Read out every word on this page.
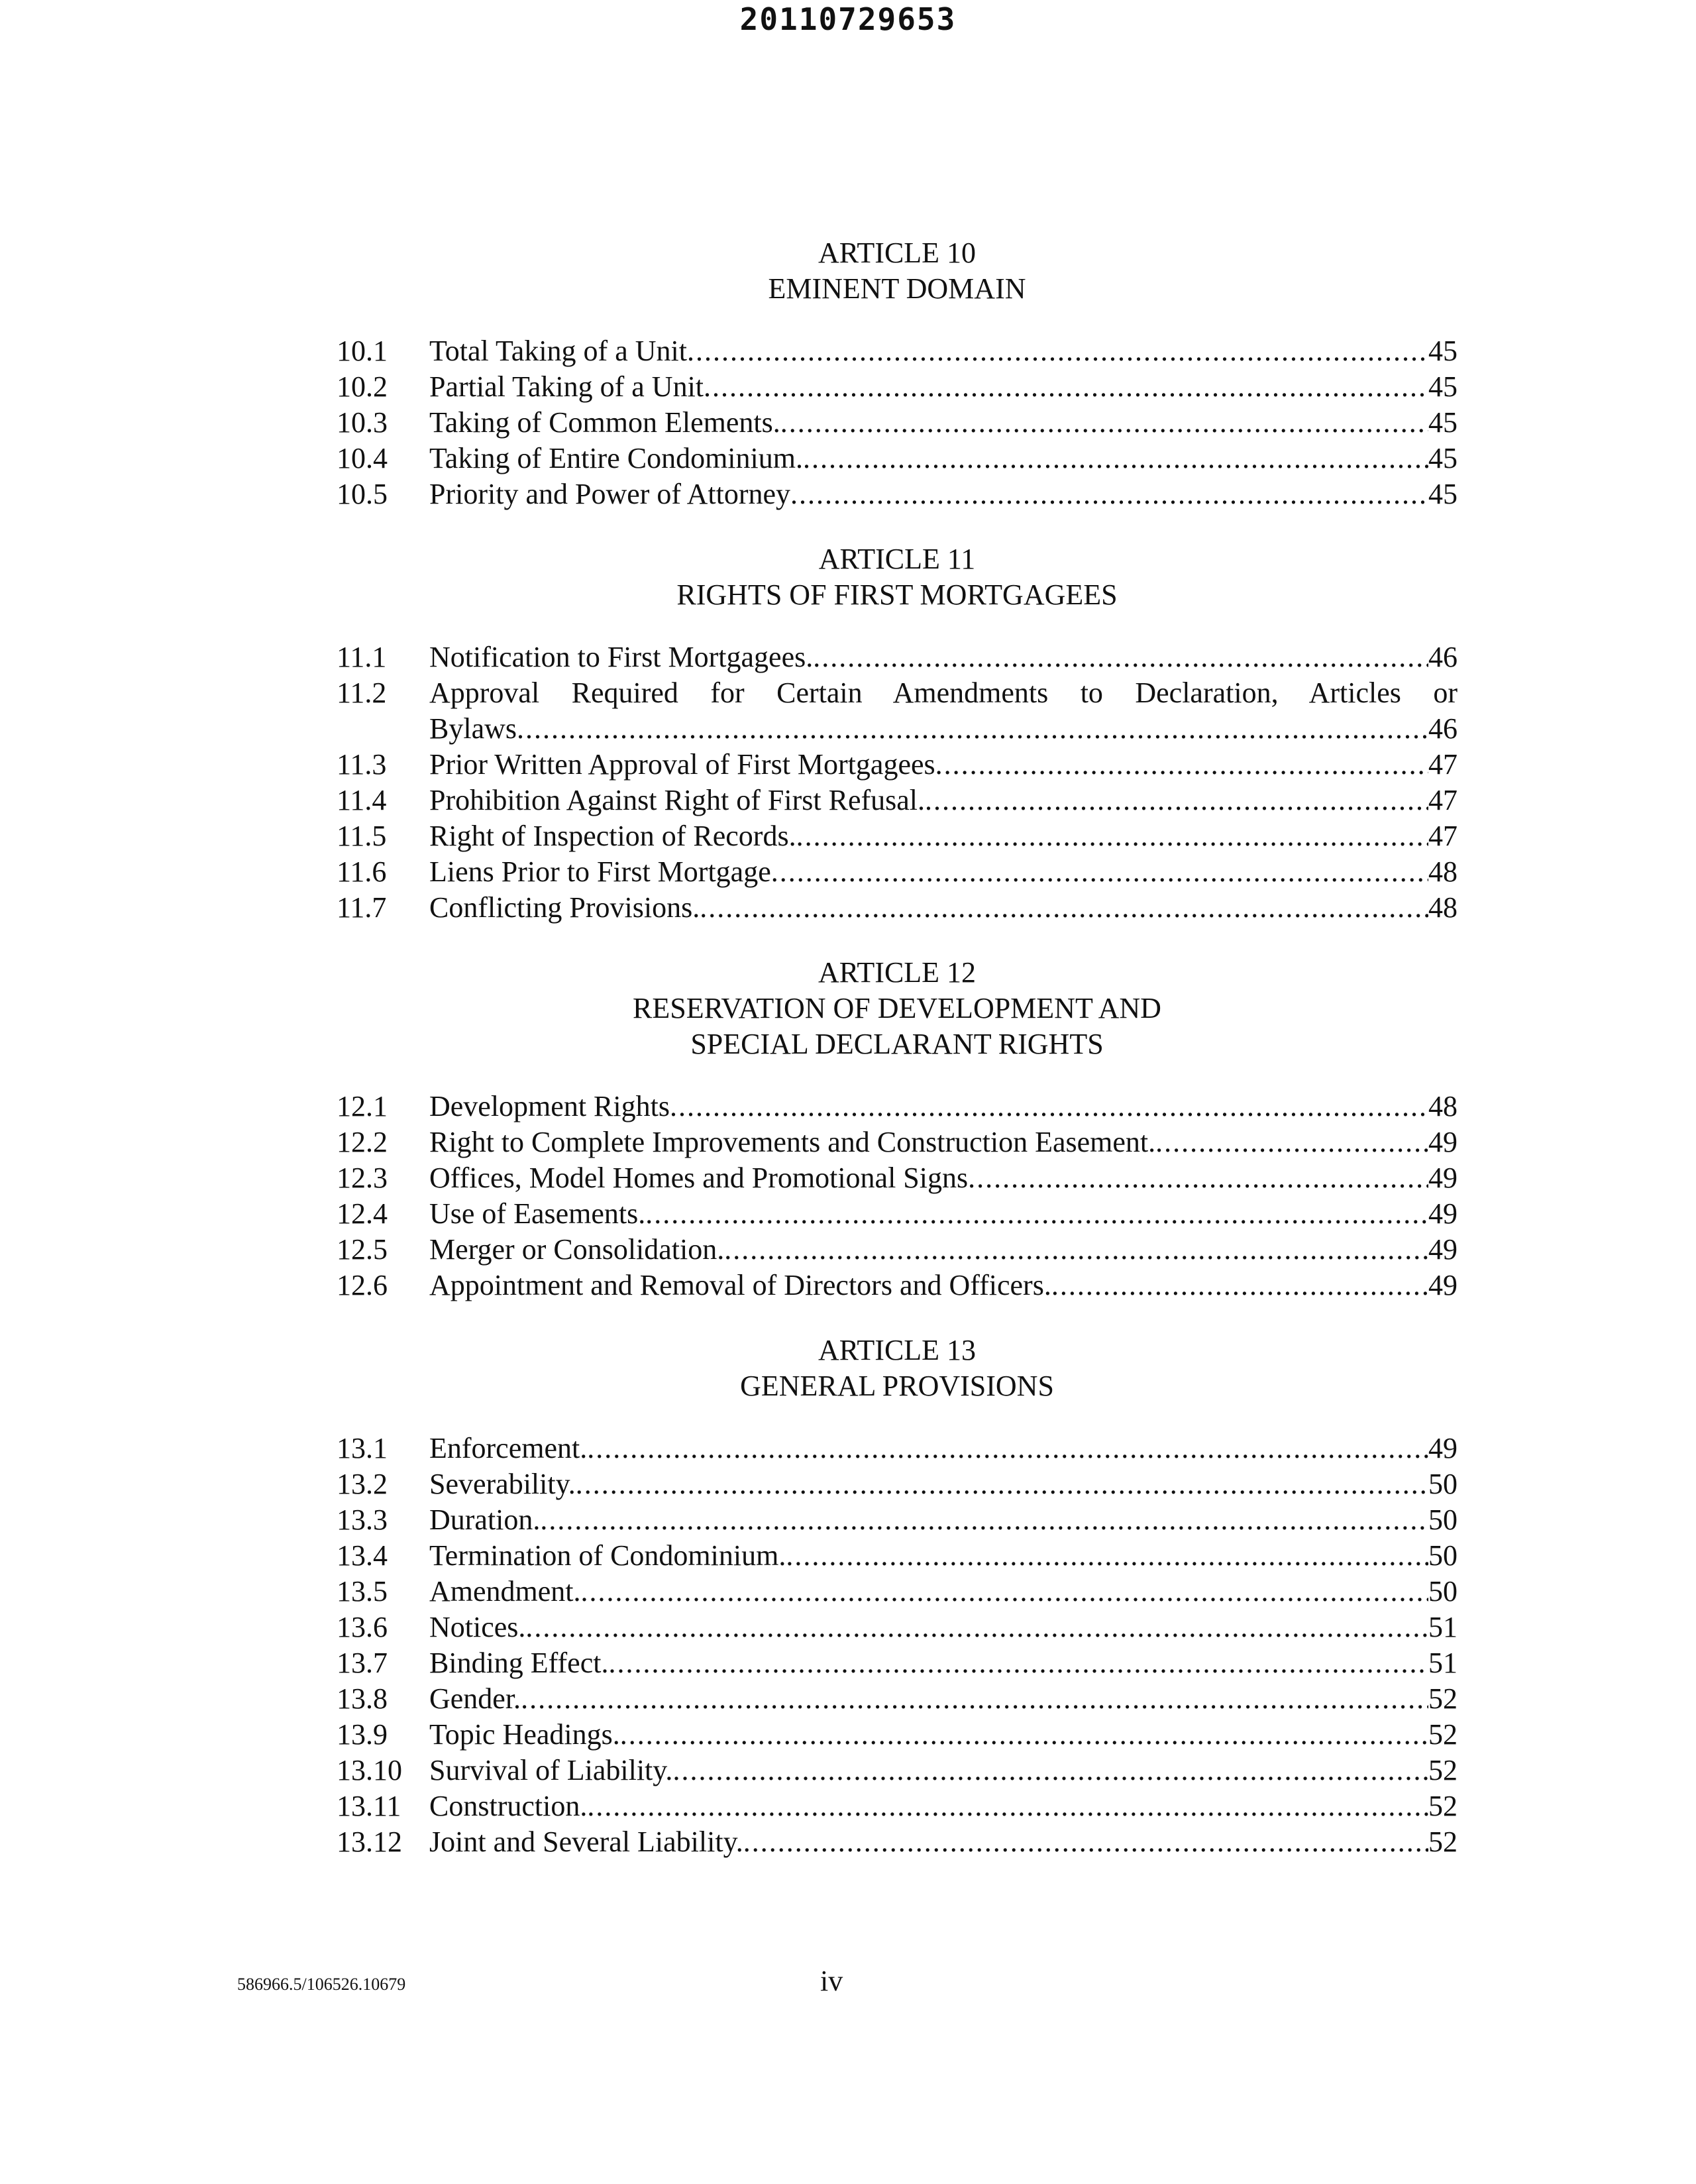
20110729653
ARTICLE 10
EMINENT DOMAIN
10.1	Total Taking of a Unit .....	45
10.2	Partial Taking of a Unit .....	45
10.3	Taking of Common Elements. .....	45
10.4	Taking of Entire Condominium. .....	45
10.5	Priority and Power of Attorney .....	45
ARTICLE 11
RIGHTS OF FIRST MORTGAGEES
11.1	Notification to First Mortgagees. .....	46
11.2	Approval Required for Certain Amendments to Declaration, Articles or
Bylaws .....	46
11.3	Prior Written Approval of First Mortgagees .....	47
11.4	Prohibition Against Right of First Refusal. .....	47
11.5	Right of Inspection of Records. .....	47
11.6	Liens Prior to First Mortgage .....	48
11.7	Conflicting Provisions. .....	48
ARTICLE 12
RESERVATION OF DEVELOPMENT AND
SPECIAL DECLARANT RIGHTS
12.1	Development Rights .....	48
12.2	Right to Complete Improvements and Construction Easement. .....	49
12.3	Offices, Model Homes and Promotional Signs .....	49
12.4	Use of Easements. .....	49
12.5	Merger or Consolidation. .....	49
12.6	Appointment and Removal of Directors and Officers. .....	49
ARTICLE 13
GENERAL PROVISIONS
13.1	Enforcement. .....	49
13.2	Severability. .....	50
13.3	Duration. .....	50
13.4	Termination of Condominium. .....	50
13.5	Amendment. .....	50
13.6	Notices. .....	51
13.7	Binding Effect. .....	51
13.8	Gender. .....	52
13.9	Topic Headings. .....	52
13.10 Survival of Liability. .....	52
13.11 Construction. .....	52
13.12 Joint and Several Liability. .....	52
586966.5/106526.10679	iv
